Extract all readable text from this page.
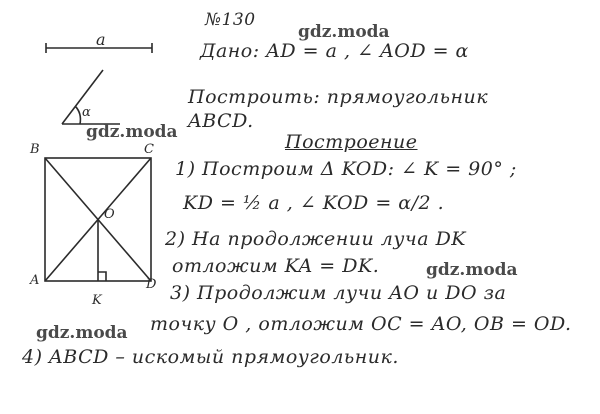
a
α
B	C
A	D
O
K
№130
Дано: AD = a , ∠ AOD = α
Построить: прямоугольник
ABCD.
Построение
1) Построим Δ KOD: ∠ K = 90° ;
KD = ½ a , ∠ KOD = α/2 .
2) На продолжении луча DK
отложим KA = DK.
3) Продолжим лучи AO и DO за
точку O , отложим OC = AO, OB = OD.
4) ABCD – искомый прямоугольник.
gdz.moda
gdz.moda
gdz.moda
gdz.moda
